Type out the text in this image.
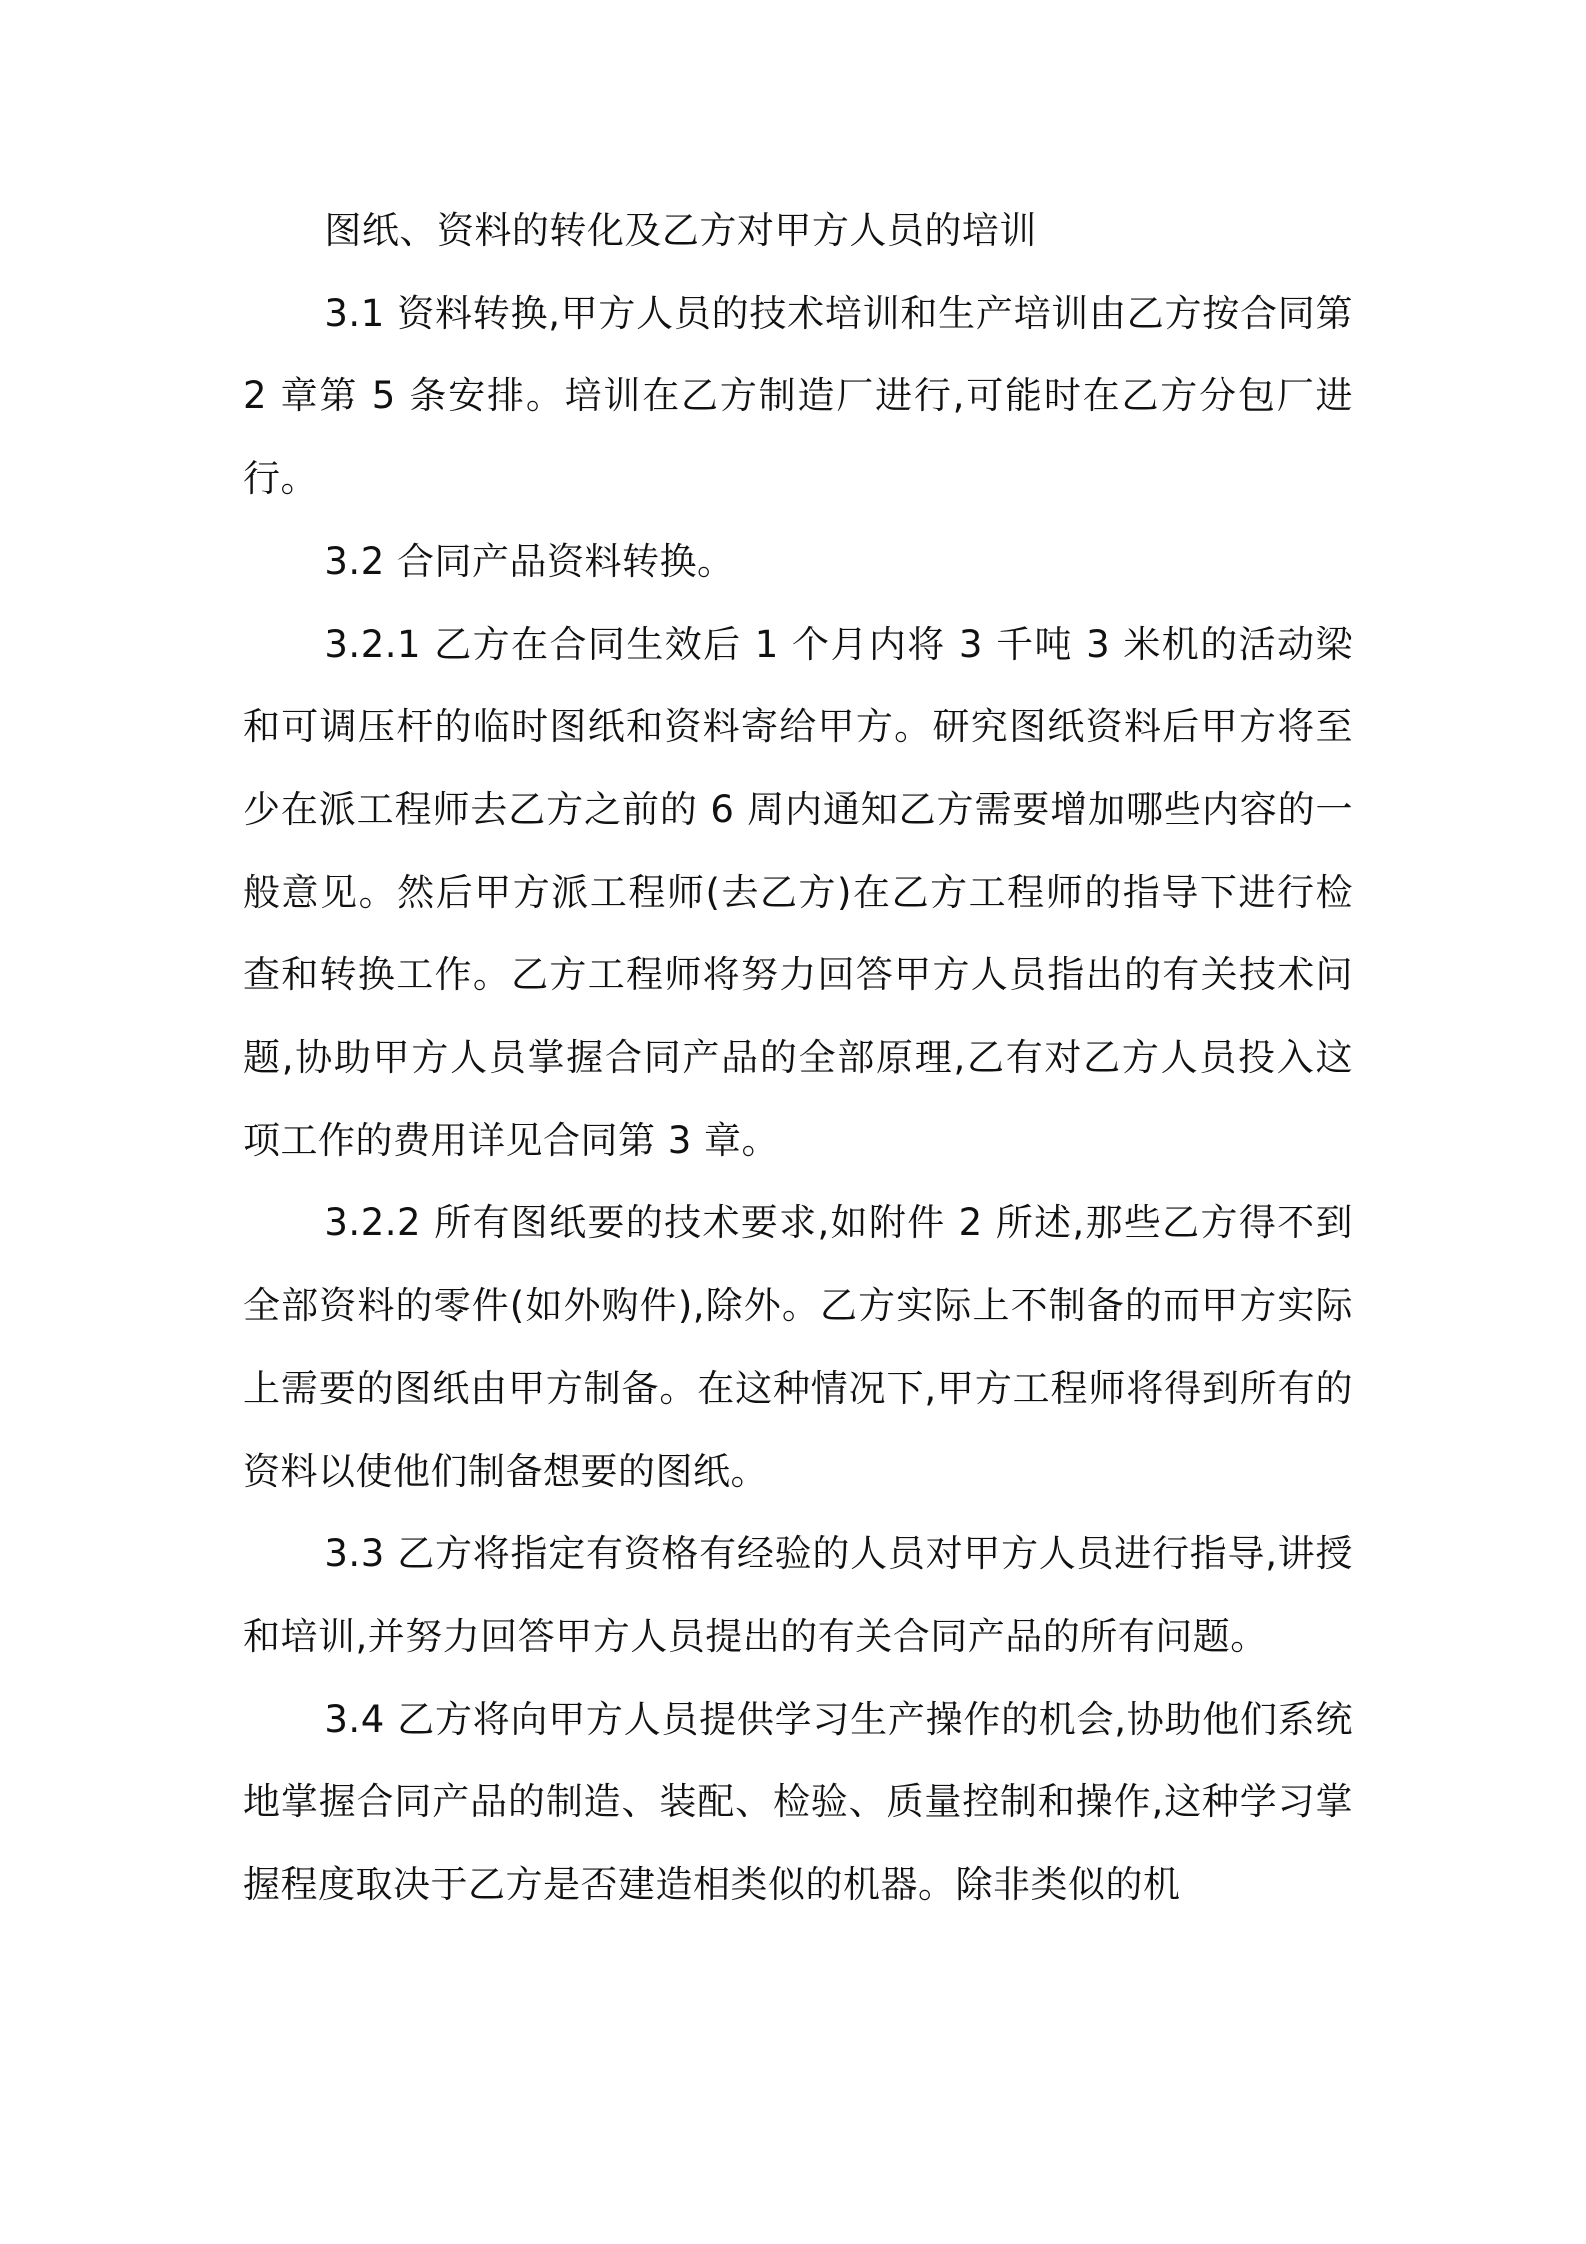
图纸、资料的转化及乙方对甲方人员的培训

3.1 资料转换,甲方人员的技术培训和生产培训由乙方按合同第 2 章第 5 条安排。培训在乙方制造厂进行,可能时在乙方分包厂进行。

3.2 合同产品资料转换。

3.2.1 乙方在合同生效后 1 个月内将 3 千吨 3 米机的活动梁和可调压杆的临时图纸和资料寄给甲方。研究图纸资料后甲方将至少在派工程师去乙方之前的 6 周内通知乙方需要增加哪些内容的一般意见。然后甲方派工程师(去乙方)在乙方工程师的指导下进行检查和转换工作。乙方工程师将努力回答甲方人员指出的有关技术问题,协助甲方人员掌握合同产品的全部原理,乙有对乙方人员投入这项工作的费用详见合同第 3 章。

3.2.2 所有图纸要的技术要求,如附件 2 所述,那些乙方得不到全部资料的零件(如外购件),除外。乙方实际上不制备的而甲方实际上需要的图纸由甲方制备。在这种情况下,甲方工程师将得到所有的资料以使他们制备想要的图纸。

3.3 乙方将指定有资格有经验的人员对甲方人员进行指导,讲授和培训,并努力回答甲方人员提出的有关合同产品的所有问题。

3.4 乙方将向甲方人员提供学习生产操作的机会,协助他们系统地掌握合同产品的制造、装配、检验、质量控制和操作,这种学习掌握程度取决于乙方是否建造相类似的机器。除非类似的机
